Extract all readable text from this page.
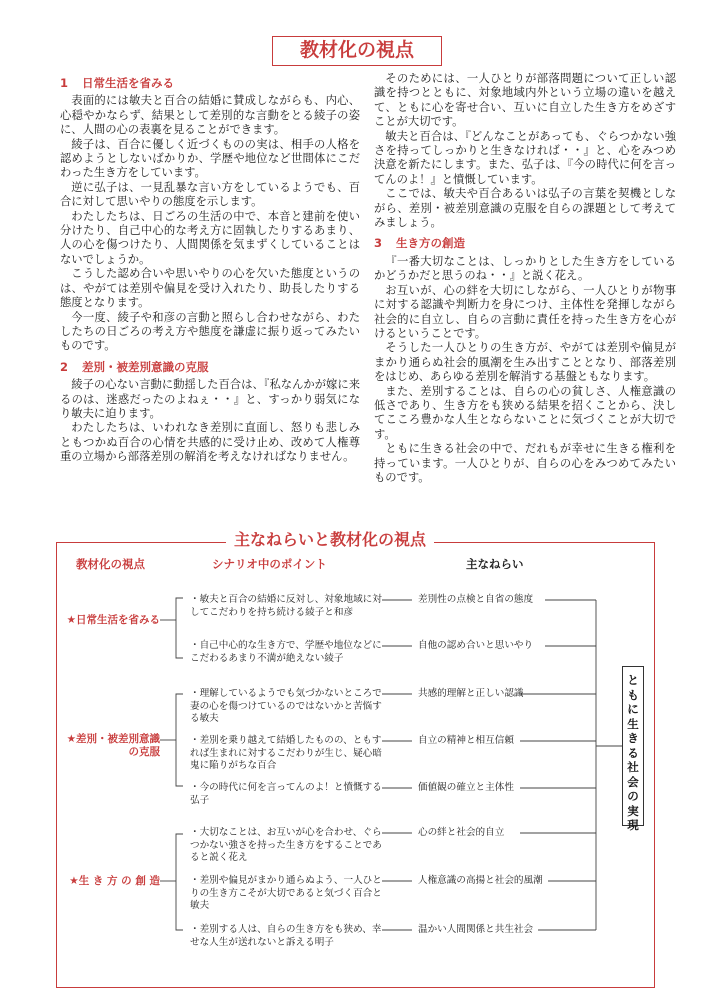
教材化の視点
1 日常生活を省みる

表面的には敏夫と百合の結婚に賛成しながらも、内心、心穏やかならず、結果として差別的な言動をとる綾子の姿に、人間の心の表裏を見ることができます。

綾子は、百合に優しく近づくものの実は、相手の人格を認めようとしないばかりか、学歴や地位など世間体にこだわった生き方をしています。

逆に弘子は、一見乱暴な言い方をしているようでも、百合に対して思いやりの態度を示します。

わたしたちは、日ごろの生活の中で、本音と建前を使い分けたり、自己中心的な考え方に固執したりするあまり、人の心を傷つけたり、人間関係を気まずくしていることはないでしょうか。

こうした認め合いや思いやりの心を欠いた態度というのは、やがては差別や偏見を受け入れたり、助長したりする態度となります。

今一度、綾子や和彦の言動と照らし合わせながら、わたしたちの日ごろの考え方や態度を謙虚に振り返ってみたいものです。

2 差別・被差別意識の克服

綾子の心ない言動に動揺した百合は、『私なんかが嫁に来るのは、迷惑だったのよねぇ・・』と、すっかり弱気になり敏夫に迫ります。

わたしたちは、いわれなき差別に直面し、怒りも悲しみともつかぬ百合の心情を共感的に受け止め、改めて人権尊重の立場から部落差別の解消を考えなければなりません。

そのためには、一人ひとりが部落問題について正しい認識を持つとともに、対象地域内外という立場の違いを越えて、ともに心を寄せ合い、互いに自立した生き方をめざすことが大切です。

敏夫と百合は、『どんなことがあっても、ぐらつかない強さを持ってしっかりと生きなければ・・』と、心をみつめ決意を新たにします。また、弘子は、『今の時代に何を言ってんのよ！』と憤慨しています。

ここでは、敏夫や百合あるいは弘子の言葉を契機としながら、差別・被差別意識の克服を自らの課題として考えてみましょう。

3 生き方の創造

『一番大切なことは、しっかりとした生き方をしているかどうかだと思うのね・・』と説く花え。

お互いが、心の絆を大切にしながら、一人ひとりが物事に対する認識や判断力を身につけ、主体性を発揮しながら社会的に自立し、自らの言動に責任を持った生き方を心がけるということです。

そうした一人ひとりの生き方が、やがては差別や偏見がまかり通らぬ社会的風潮を生み出すこととなり、部落差別をはじめ、あらゆる差別を解消する基盤ともなります。

また、差別することは、自らの心の貧しさ、人権意識の低さであり、生き方をも狭める結果を招くことから、決してこころ豊かな人生とならないことに気づくことが大切です。

ともに生きる社会の中で、だれもが幸せに生きる権利を持っています。一人ひとりが、自らの心をみつめてみたいものです。

主なねらいと教材化の視点
教材化の視点	シナリオ中のポイント	主なねらい
★日常生活を省みる
★差別・被差別意識
の克服
★生 き 方 の 創 造
・敏夫と百合の結婚に反対し、対象地域に対してこだわりを持ち続ける綾子と和彦
・自己中心的な生き方で、学歴や地位などにこだわるあまり不満が絶えない綾子
・理解しているようでも気づかないところで妻の心を傷つけているのではないかと苦悩する敏夫
・差別を乗り越えて結婚したものの、ともすれば生まれに対するこだわりが生じ、疑心暗鬼に陥りがちな百合
・今の時代に何を言ってんのよ！と憤慨する弘子
・大切なことは、お互いが心を合わせ、ぐらつかない強さを持った生き方をすることであると説く花え
・差別や偏見がまかり通らぬよう、一人ひとりの生き方こそが大切であると気づく百合と敏夫
・差別する人は、自らの生き方をも狭め、幸せな人生が送れないと訴える明子
差別性の点検と自省の態度
自他の認め合いと思いやり
共感的理解と正しい認識
自立の精神と相互信頼
価値観の確立と主体性
心の絆と社会的自立
人権意識の高揚と社会的風潮
温かい人間関係と共生社会
と
も
に
生
き
る
社
会
の
実
現
